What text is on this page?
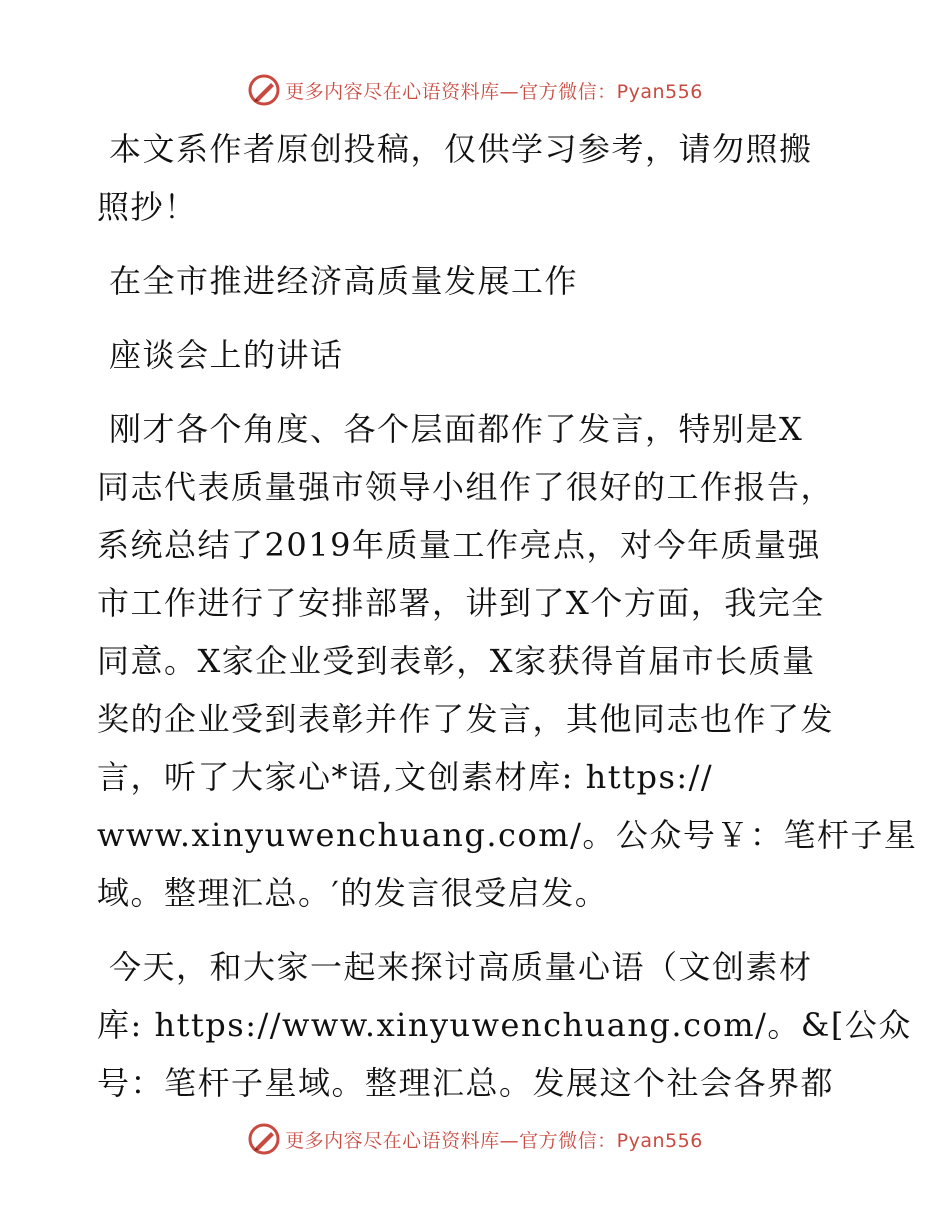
更多内容尽在心语资料库—官方微信：Pyan556

本文系作者原创投稿，仅供学习参考，请勿照搬
照抄！

在全市推进经济高质量发展工作

座谈会上的讲话

刚才各个角度、各个层面都作了发言，特别是X
同志代表质量强市领导小组作了很好的工作报告，
系统总结了2019年质量工作亮点，对今年质量强
市工作进行了安排部署，讲到了X个方面，我完全
同意。X家企业受到表彰，X家获得首届市长质量
奖的企业受到表彰并作了发言，其他同志也作了发
言，听了大家心*语,文创素材库: https://
www.xinyuwenchuang.com/。公众号￥：笔杆子星
域。整理汇总。′的发言很受启发。

今天，和大家一起来探讨高质量心语（文创素材
库: https://www.xinyuwenchuang.com/。&[公众
号：笔杆子星域。整理汇总。发展这个社会各界都

更多内容尽在心语资料库—官方微信：Pyan556
